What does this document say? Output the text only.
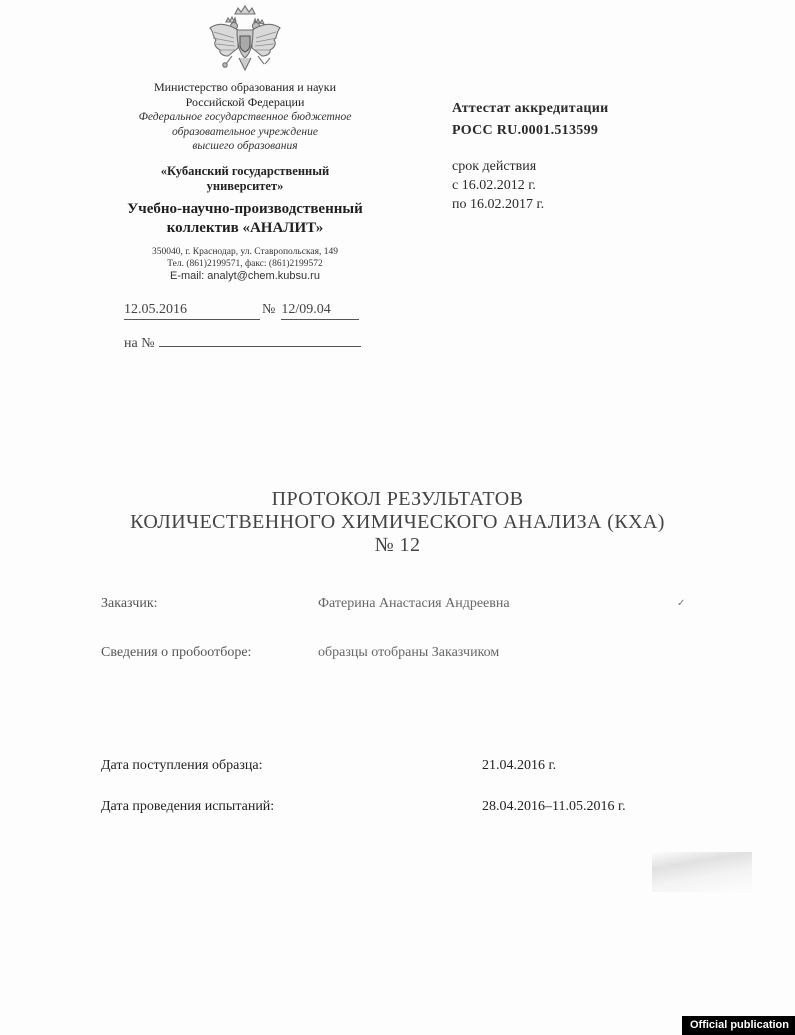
Министерство образования и науки
Российской Федерации
Федеральное государственное бюджетное
образовательное учреждение
высшего образования
«Кубанский государственный
университет»
Учебно-научно-производственный
коллектив «АНАЛИТ»
350040, г. Краснодар, ул. Ставропольская, 149
Тел. (861)2199571, факс: (861)2199572
E-mail: analyt@chem.kubsu.ru
12.05.2016	№ 12/09.04
на №
Аттестат аккредитации
РОСС RU.0001.513599
срок действия
с 16.02.2012 г.
по 16.02.2017 г.
ПРОТОКОЛ РЕЗУЛЬТАТОВ
КОЛИЧЕСТВЕННОГО ХИМИЧЕСКОГО АНАЛИЗА (КХА)
№ 12
Заказчик:	Фатерина Анастасия Андреевна	✓
Сведения о пробоотборе:	образцы отобраны Заказчиком
Дата поступления образца:	21.04.2016 г.
Дата проведения испытаний:	28.04.2016–11.05.2016 г.
Official publication
